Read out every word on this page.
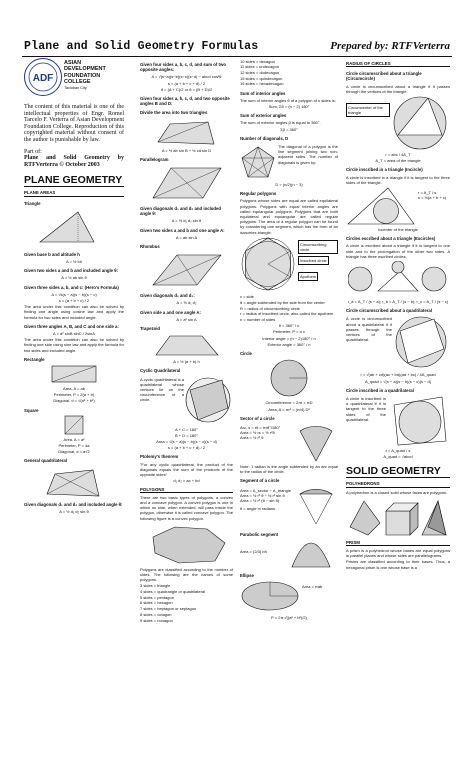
Plane and Solid Geometry Formulas	Prepared by: RTFVerterra
ADF
ASIAN
DEVELOPMENT
FOUNDATION
COLLEGE
Tacloban City
The content of this material is one of the intellectual properties of Engr. Romel Tarcelo F. Verterra of Asian Development Foundation College. Reproduction of this copyrighted material without consent of the author is punishable by law.
Part of:
Plane and Solid Geometry by RTFVerterra © October 2003
PLANE GEOMETRY
PLANE AREAS
Triangle
Given base b and altitude h
A = ½ bh
Given two sides a and b and included angle θ:
A = ½ ab sin θ
Given three sides a, b, and c: (Hero's Formula)
A = √s(s − a)(s − b)(s − c)
s = (a + b + c) / 2
The area under this condition can also be solved by finding one angle using cosine law and apply the formula for two sides and included angle.
Given three angles A, B, and C and one side a:
A = a² sinB sinC / 2sinA
The area under this condition can also be solved by finding one side using sine law and apply the formula for two sides and included angle.
Rectangle
Area, A = ab
Perimeter, P = 2(a + b)
Diagonal, d = √(a² + b²)
Square
Area, A = a²
Perimeter, P = 4a
Diagonal, d = a√2
General quadrilateral
Given diagonals d₁ and d₂ and included angle θ:
A = ½ d₁ d₂ sin θ
Given four sides a, b, c, d, and sum of two opposite angles:
A = √(s−a)(s−b)(s−c)(s−d) − abcd cos²θ
s = (a + b + c + d) / 2
θ = (A + C)/2 or θ = (B + D)/2
Given four sides a, b, c, d, and two opposite angles B and D:
Divide the area into two triangles
A = ½ ab sin B + ½ cd sin D
Parallelogram
Given diagonals d₁ and d₂ and included angle θ:
A = ½ d₁ d₂ sin θ
Given two sides a and b and one angle A:
A = ab sin A
Rhombus
Given diagonals d₁ and d₂:
A = ½ d₁ d₂
Given side a and one angle A:
A = a² sin A
Trapezoid
A = ½ (a + b) h
Cyclic Quadrilateral
A cyclic quadrilateral is a quadrilateral whose vertices lie on the circumference of a circle.
A + C = 180°
B + D = 180°
Area = √(s − a)(s − b)(s − c)(s − d)
s = (a + b + c + d) / 2
Ptolemy's theorem
"For any cyclic quadrilateral, the product of the diagonals equals the sum of the products of the opposite sides"
d₁ d₂ = ac + bd
POLYGONS
There are two basic types of polygons, a convex and a concave polygon. A convex polygon is one in which no side, when extended, will pass inside the polygon, otherwise it is called concave polygon. The following figure is a convex polygon.
Polygons are classified according to the number of sides. The following are the names of some polygons.
3 sides = triangle
4 sides = quadrangle or quadrilateral
5 sides = pentagon
6 sides = hexagon
7 sides = heptagon or septagon
8 sides = octagon
9 sides = nonagon
10 sides = decagon
11 sides = undecagon
12 sides = dodecagon
15 sides = quindecagon
16 sides = hexadecagon
Sum of interior angles
The sum of interior angles θ of a polygon of n sides is:
Sum, Σθ = (n − 2) 180°
Sum of exterior angles
The sum of exterior angles β is equal to 360°.
Σβ = 360°
Number of diagonals, D
The diagonal of a polygon is the line segment joining two non-adjacent sides. The number of diagonals is given by:
D = (n/2)(n − 3)
Regular polygons
Polygons whose sides are equal are called equilateral polygons. Polygons with equal interior angles are called equiangular polygons. Polygons that are both equilateral and equiangular are called regular polygons. The area of a regular polygon can be found by considering one segment, which has the form of an isosceles triangle.
Circumscribing circle
Inscribed circle
Apothem
x = side
θ = angle subtended by the side from the center
R = radius of circumscribing circle
r = radius of inscribed circle, also called the apothem
n = number of sides
θ = 360° / n
Perimeter, P = n x
Interior angle = (n − 2)180° / n
Exterior angle = 360° / n
Circle
Circumference = 2πr = πD
Area, A = πr² = (π/4) D²
Sector of a circle
Arc, s = rθ = πrθ°/180°
Area = ½ rs = ½ r²θ
Area = ½ r² θ
Note: 1 radian is the angle subtended by an arc equal to the radius of the circle.
Segment of a circle
Area = A_sector − A_triangle
Area = ½ r² θ − ½ r² sin θ
Area = ½ r² (θ − sin θ)
θ = angle in radians
Parabolic segment
Area = (2/3) bh
Ellipse
Area = πab
P = 2π √((a² + b²)/2)
RADIUS OF CIRCLES
Circle circumscribed about a triangle (Circumcircle)
A circle is circumscribed about a triangle if it passes through the vertices of the triangle.
Circumcenter of the triangle
r = abc / 4A_T
A_T = area of the triangle
Circle inscribed in a triangle (Incircle)
A circle is inscribed in a triangle if it is tangent to the three sides of the triangle.
r = A_T / s
s = ½(a + b + c)
Incenter of the triangle
Circles escribed about a triangle (Excircles)
A circle is escribed about a triangle if it is tangent to one side and to the prolongation of the other two sides. A triangle has three escribed circles.
r_a = A_T / (s − a); r_b = A_T / (s − b); r_c = A_T / (s − c)
Circle circumscribed about a quadrilateral
A circle is circumscribed about a quadrilateral if it passes through the vertices of the quadrilateral.
r = √(ab + cd)(ac + bd)(ad + bc) / 4A_quad
A_quad = √(s − a)(s − b)(s − c)(s − d)
Circle inscribed in a quadrilateral
A circle is inscribed in a quadrilateral if it is tangent to the three sides of the quadrilateral.
r = A_quad / s
A_quad = √abcd
SOLID GEOMETRY
POLYHEDRONS
A polyhedron is a closed solid whose faces are polygons.
PRISM
A prism is a polyhedron whose bases are equal polygons in parallel planes and whose sides are parallelograms.
Prisms are classified according to their bases. Thus, a hexagonal prism is one whose base is a
